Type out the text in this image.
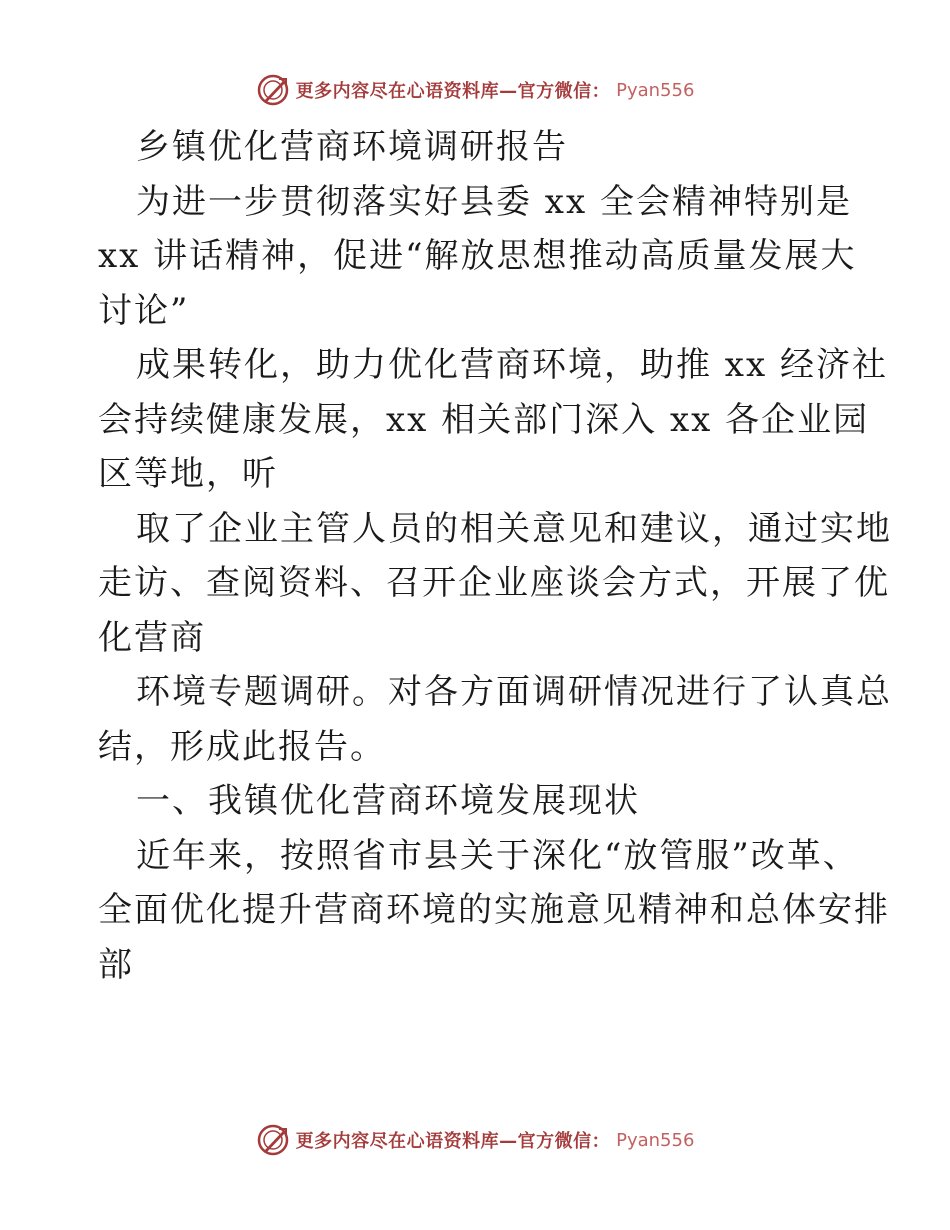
更多内容尽在心语资料库—官方微信： Pyan556
乡镇优化营商环境调研报告
为进一步贯彻落实好县委 xx 全会精神特别是
xx 讲话精神，促进“解放思想推动高质量发展大
讨论”
成果转化，助力优化营商环境，助推 xx 经济社
会持续健康发展，xx 相关部门深入 xx 各企业园
区等地，听
取了企业主管人员的相关意见和建议，通过实地
走访、查阅资料、召开企业座谈会方式，开展了优
化营商
环境专题调研。对各方面调研情况进行了认真总
结，形成此报告。
一、我镇优化营商环境发展现状
近年来，按照省市县关于深化“放管服”改革、
全面优化提升营商环境的实施意见精神和总体安排
部
更多内容尽在心语资料库—官方微信： Pyan556
